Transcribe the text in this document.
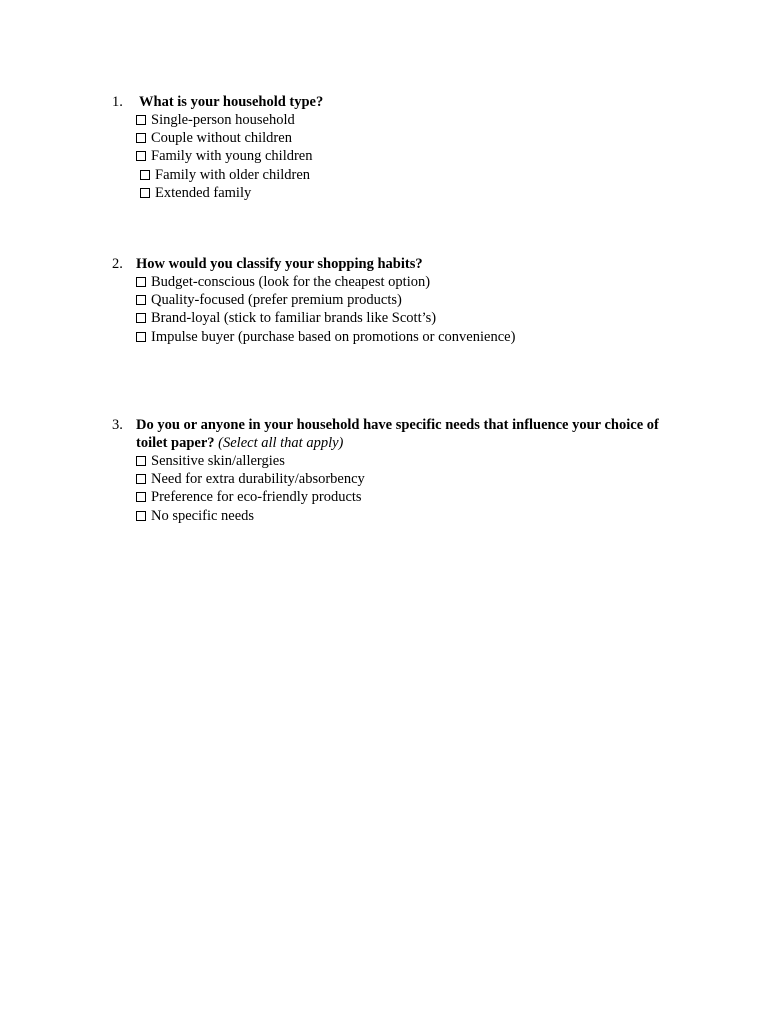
1.	What is your household type?
Single-person household
Couple without children
Family with young children
Family with older children
Extended family
2. How would you classify your shopping habits?
Budget-conscious (look for the cheapest option)
Quality-focused (prefer premium products)
Brand-loyal (stick to familiar brands like Scott’s)
Impulse buyer (purchase based on promotions or convenience)
3. Do you or anyone in your household have specific needs that influence your choice of toilet paper? (Select all that apply)
Sensitive skin/allergies
Need for extra durability/absorbency
Preference for eco-friendly products
No specific needs
